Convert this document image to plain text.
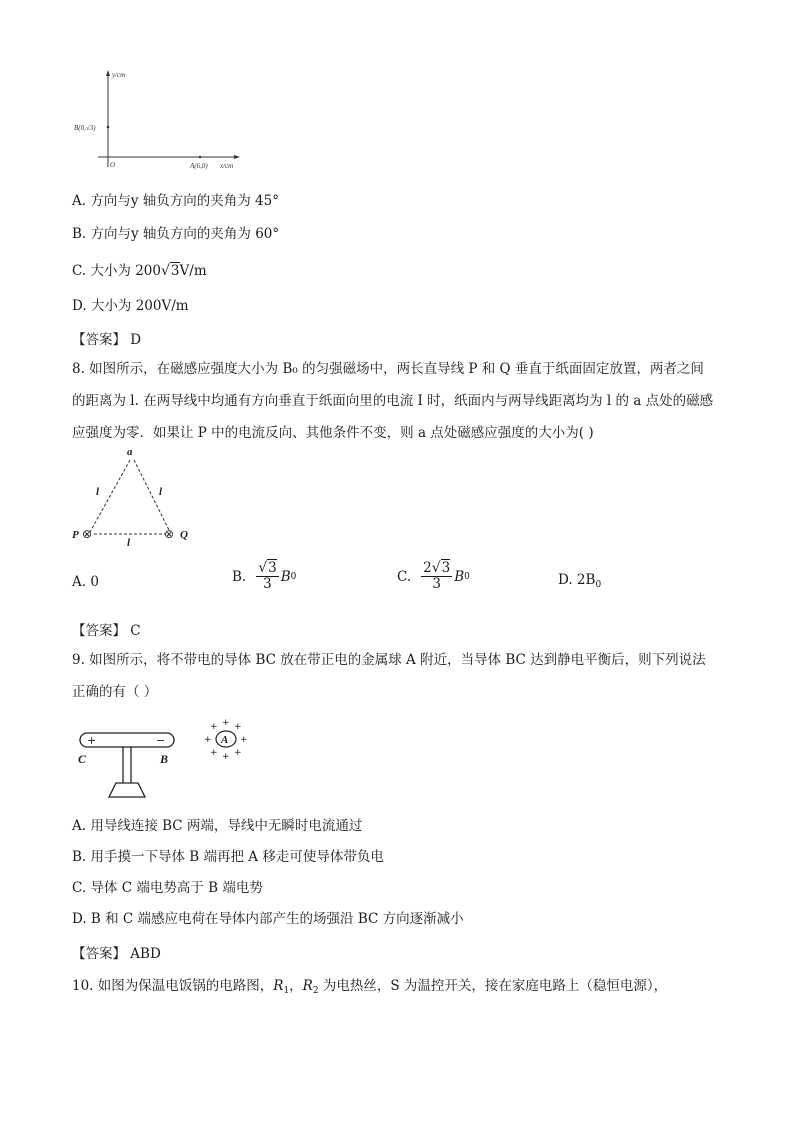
y/cm
x/cm
O
B(0,√3)
A(6,0)
A. 方向与y 轴负方向的夹角为 45°
B. 方向与y 轴负方向的夹角为 60°
C. 大小为 200√3V/m
D. 大小为 200V/m
【答案】 D
8. 如图所示，在磁感应强度大小为 B₀ 的匀强磁场中，两长直导线 P 和 Q 垂直于纸面固定放置，两者之间
的距离为 l. 在两导线中均通有方向垂直于纸面向里的电流 I 时，纸面内与两导线距离均为 l 的 a 点处的磁感
应强度为零．如果让 P 中的电流反向、其他条件不变，则 a 点处磁感应强度的大小为( )
a
l	l
l
P ⊗	⊗ Q
A. 0	B. $\frac{√3}{3}$ B 0	C. $\frac{2√3}{3}$ B 0	D. $2B_0$
【答案】 C
9. 如图所示，将不带电的导体 BC 放在带正电的金属球 A 附近，当导体 BC 达到静电平衡后，则下列说法
正确的有（ ）
+	−
C	B
A
+ + +
+	+
+ + +
A. 用导线连接 BC 两端，导线中无瞬时电流通过
B. 用手摸一下导体 B 端再把 A 移走可使导体带负电
C. 导体 C 端电势高于 B 端电势
D. B 和 C 端感应电荷在导体内部产生的场强沿 BC 方向逐渐减小
【答案】 ABD
10. 如图为保温电饭锅的电路图，$R_1$，$R_2$ 为电热丝，S 为温控开关，接在家庭电路上（稳恒电源），
